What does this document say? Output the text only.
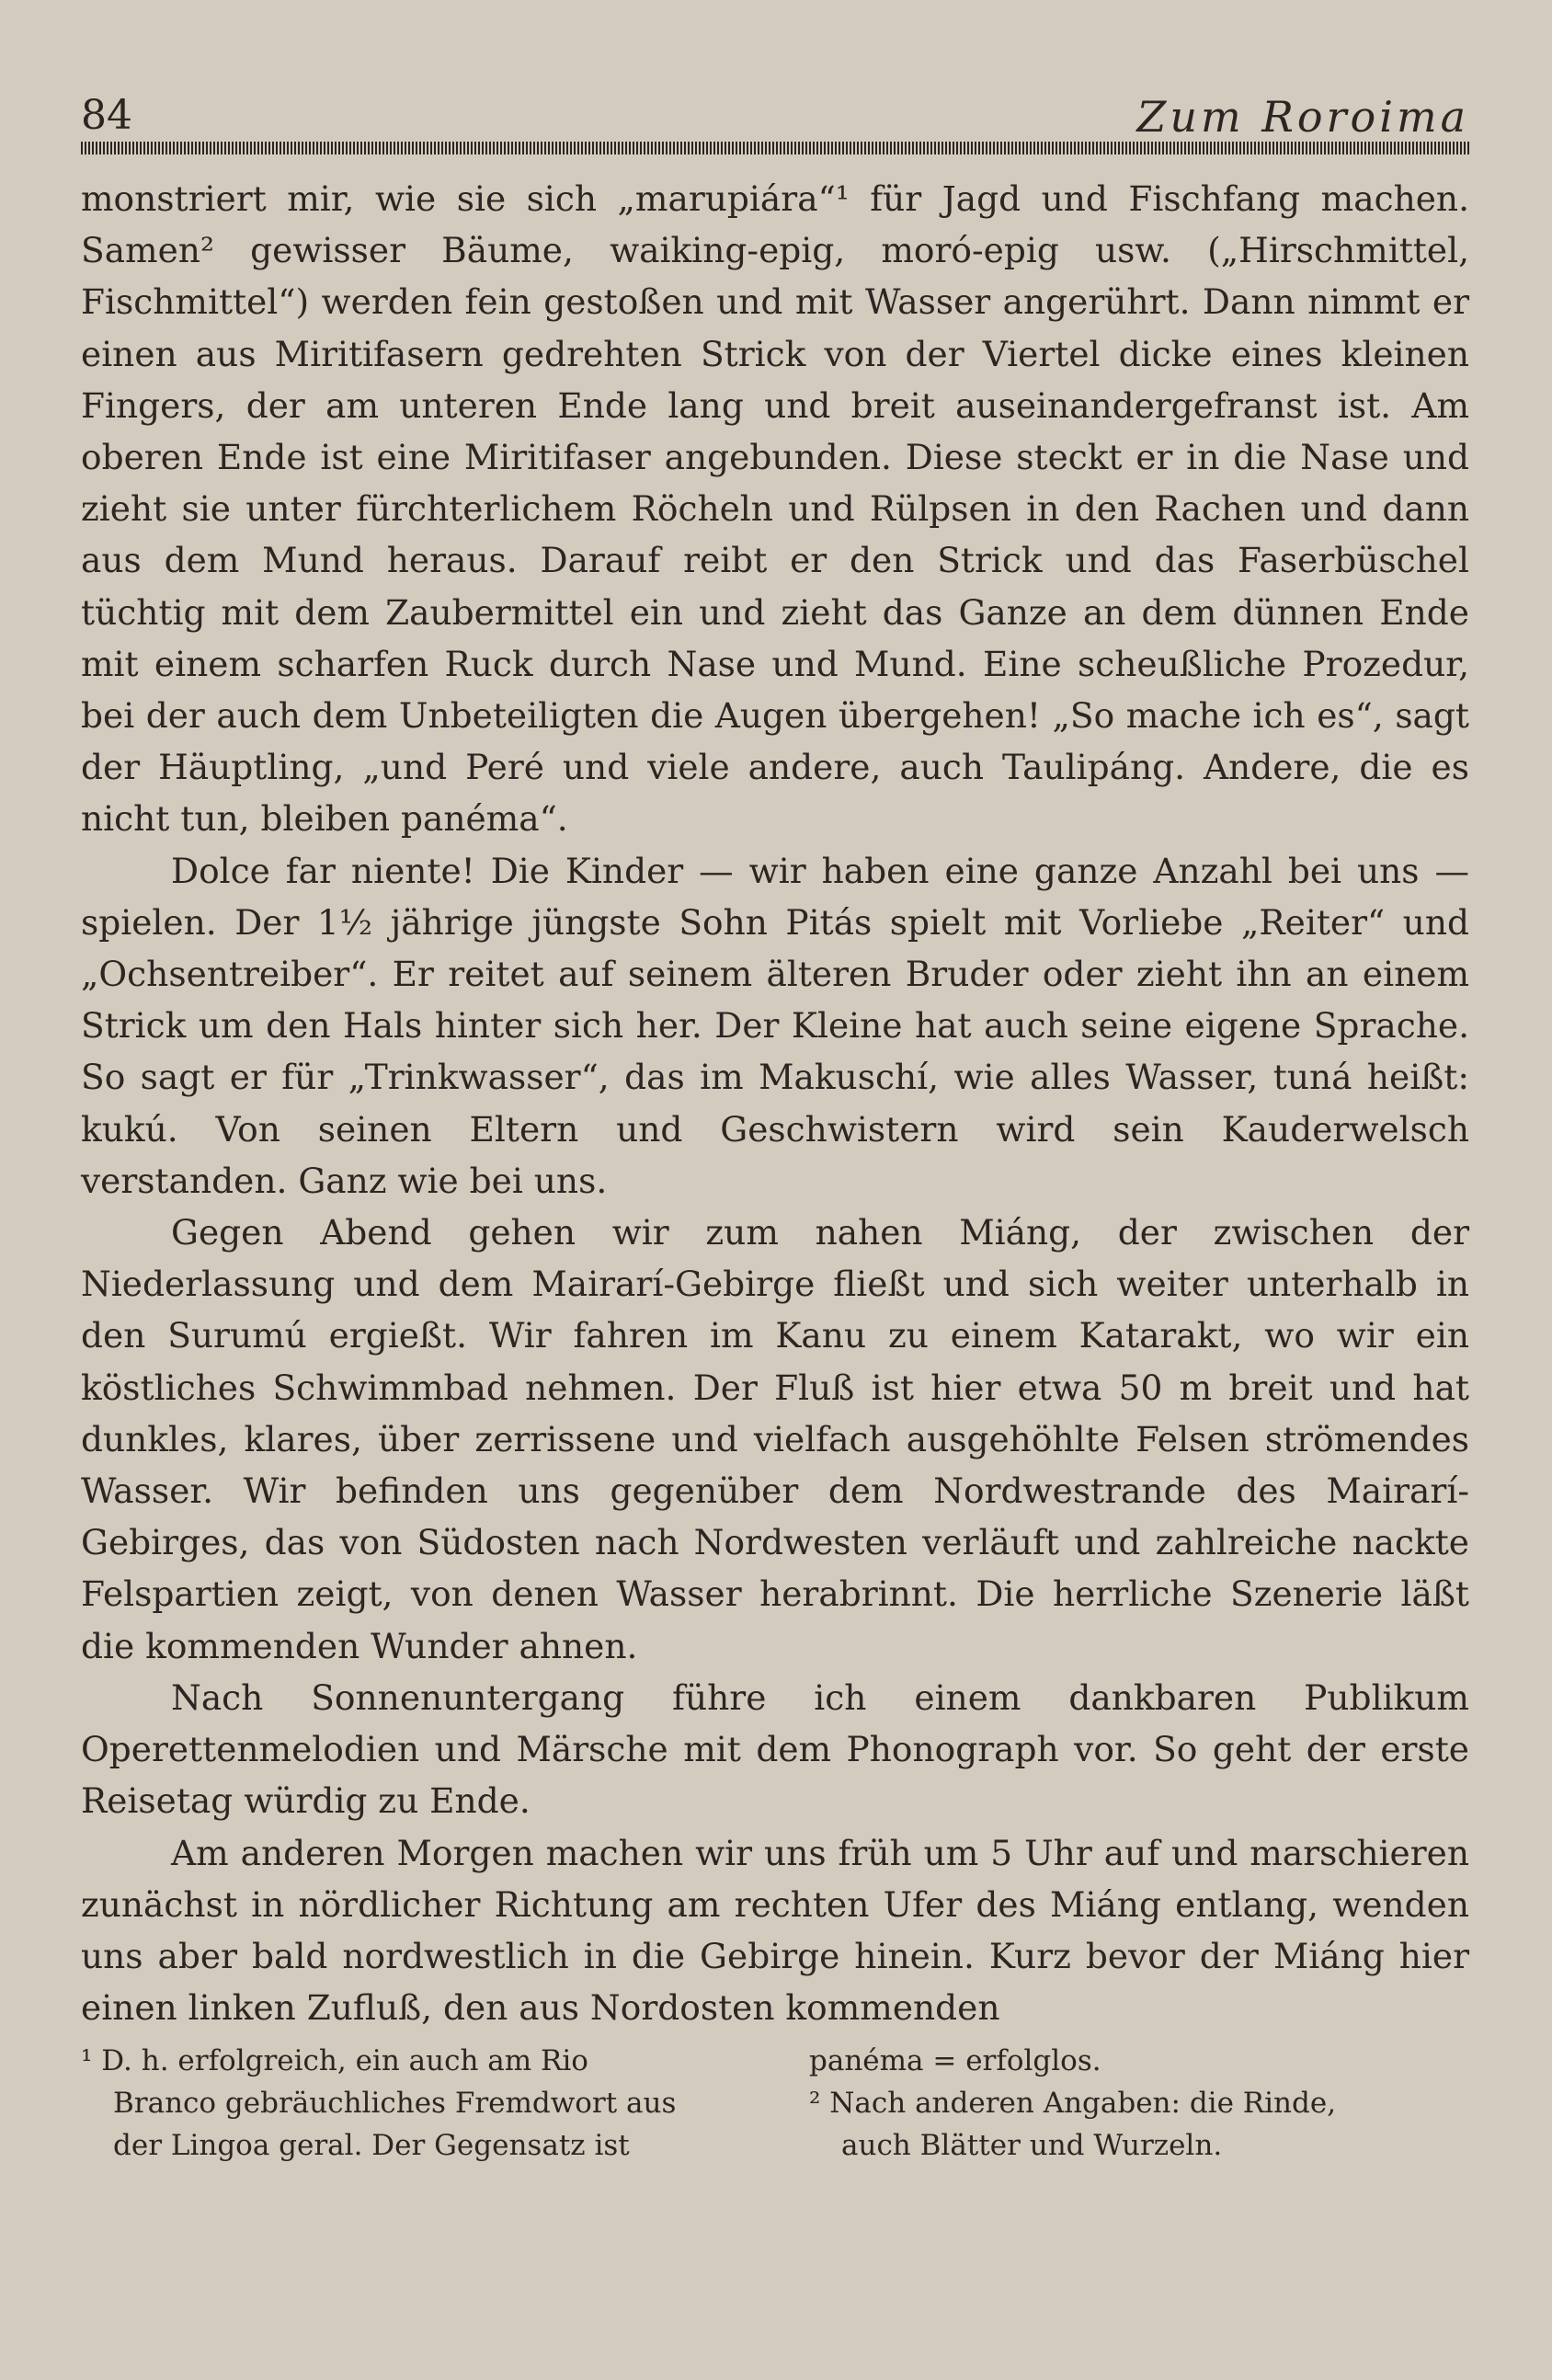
84	Zum Roroima

monstriert mir, wie sie sich „marupiára“¹ für Jagd und Fischfang machen. Samen² gewisser Bäume, waiking-epig, moró-epig usw. („Hirschmittel, Fischmittel“) werden fein gestoßen und mit Wasser angerührt. Dann nimmt er einen aus Miritifasern gedrehten Strick von der Viertel dicke eines kleinen Fingers, der am unteren Ende lang und breit auseinandergefranst ist. Am oberen Ende ist eine Miritifaser angebunden. Diese steckt er in die Nase und zieht sie unter fürchterlichem Röcheln und Rülpsen in den Rachen und dann aus dem Mund heraus. Darauf reibt er den Strick und das Faserbüschel tüchtig mit dem Zaubermittel ein und zieht das Ganze an dem dünnen Ende mit einem scharfen Ruck durch Nase und Mund. Eine scheußliche Prozedur, bei der auch dem Unbeteiligten die Augen übergehen! „So mache ich es“, sagt der Häuptling, „und Peré und viele andere, auch Taulipáng. Andere, die es nicht tun, bleiben panéma“.

Dolce far niente! Die Kinder — wir haben eine ganze Anzahl bei uns — spielen. Der 1½ jährige jüngste Sohn Pitás spielt mit Vorliebe „Reiter“ und „Ochsentreiber“. Er reitet auf seinem älteren Bruder oder zieht ihn an einem Strick um den Hals hinter sich her. Der Kleine hat auch seine eigene Sprache. So sagt er für „Trinkwasser“, das im Makuschí, wie alles Wasser, tuná heißt: kukú. Von seinen Eltern und Geschwistern wird sein Kauderwelsch verstanden. Ganz wie bei uns.

Gegen Abend gehen wir zum nahen Miáng, der zwischen der Niederlassung und dem Mairarí-Gebirge fließt und sich weiter unterhalb in den Surumú ergießt. Wir fahren im Kanu zu einem Katarakt, wo wir ein köstliches Schwimmbad nehmen. Der Fluß ist hier etwa 50 m breit und hat dunkles, klares, über zerrissene und vielfach ausgehöhlte Felsen strömendes Wasser. Wir befinden uns gegenüber dem Nordwestrande des Mairarí-Gebirges, das von Südosten nach Nordwesten verläuft und zahlreiche nackte Felspartien zeigt, von denen Wasser herabrinnt. Die herrliche Szenerie läßt die kommenden Wunder ahnen.

Nach Sonnenuntergang führe ich einem dankbaren Publikum Operettenmelodien und Märsche mit dem Phonograph vor. So geht der erste Reisetag würdig zu Ende.

Am anderen Morgen machen wir uns früh um 5 Uhr auf und marschieren zunächst in nördlicher Richtung am rechten Ufer des Miáng entlang, wenden uns aber bald nordwestlich in die Gebirge hinein. Kurz bevor der Miáng hier einen linken Zufluß, den aus Nordosten kommenden

¹ D. h. erfolgreich, ein auch am Rio
Branco gebräuchliches Fremdwort aus
der Lingoa geral. Der Gegensatz ist
panéma = erfolglos.
² Nach anderen Angaben: die Rinde,
auch Blätter und Wurzeln.
